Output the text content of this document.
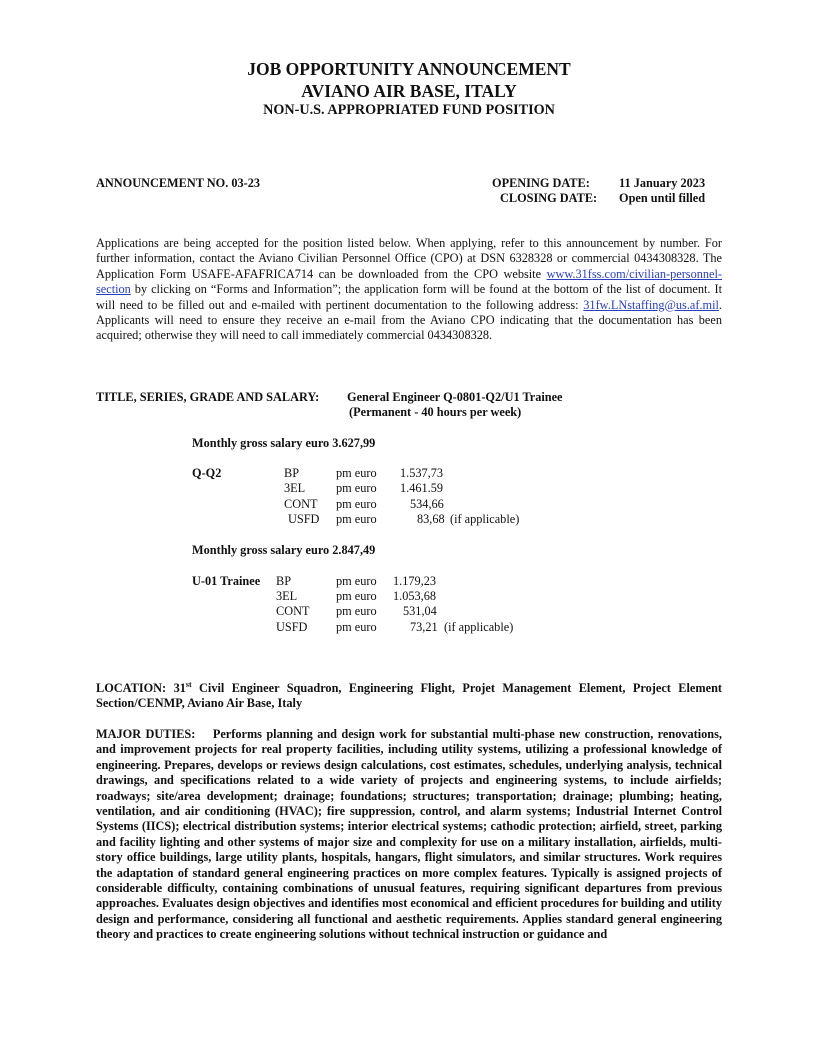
JOB OPPORTUNITY ANNOUNCEMENT
AVIANO AIR BASE, ITALY
NON-U.S. APPROPRIATED FUND POSITION
ANNOUNCEMENT NO. 03-23	OPENING DATE: 11 January 2023
CLOSING DATE: Open until filled
Applications are being accepted for the position listed below. When applying, refer to this announcement by number. For further information, contact the Aviano Civilian Personnel Office (CPO) at DSN 6328328 or commercial 0434308328. The Application Form USAFE-AFAFRICA714 can be downloaded from the CPO website www.31fss.com/civilian-personnel-section by clicking on “Forms and Information”; the application form will be found at the bottom of the list of document. It will need to be filled out and e-mailed with pertinent documentation to the following address: 31fw.LNstaffing@us.af.mil. Applicants will need to ensure they receive an e-mail from the Aviano CPO indicating that the documentation has been acquired; otherwise they will need to call immediately commercial 0434308328.
TITLE, SERIES, GRADE AND SALARY: General Engineer Q-0801-Q2/U1 Trainee
(Permanent - 40 hours per week)
Monthly gross salary euro 3.627,99
Q-Q2	BP	pm euro 1.537,73
3EL	pm euro 1.461.59
CONT pm euro	534,66
USFD pm euro	83,68 (if applicable)
Monthly gross salary euro 2.847,49
U-01 Trainee BP	pm euro 1.179,23
3EL	pm euro 1.053,68
CONT pm euro 531,04
USFD pm euro	73,21 (if applicable)
LOCATION: 31st Civil Engineer Squadron, Engineering Flight, Projet Management Element, Project Element Section/CENMP, Aviano Air Base, Italy
MAJOR DUTIES: Performs planning and design work for substantial multi-phase new construction, renovations, and improvement projects for real property facilities, including utility systems, utilizing a professional knowledge of engineering. Prepares, develops or reviews design calculations, cost estimates, schedules, underlying analysis, technical drawings, and specifications related to a wide variety of projects and engineering systems, to include airfields; roadways; site/area development; drainage; foundations; structures; transportation; drainage; plumbing; heating, ventilation, and air conditioning (HVAC); fire suppression, control, and alarm systems; Industrial Internet Control Systems (IICS); electrical distribution systems; interior electrical systems; cathodic protection; airfield, street, parking and facility lighting and other systems of major size and complexity for use on a military installation, airfields, multi-story office buildings, large utility plants, hospitals, hangars, flight simulators, and similar structures. Work requires the adaptation of standard general engineering practices on more complex features. Typically is assigned projects of considerable difficulty, containing combinations of unusual features, requiring significant departures from previous approaches. Evaluates design objectives and identifies most economical and efficient procedures for building and utility design and performance, considering all functional and aesthetic requirements. Applies standard general engineering theory and practices to create engineering solutions without technical instruction or guidance and
